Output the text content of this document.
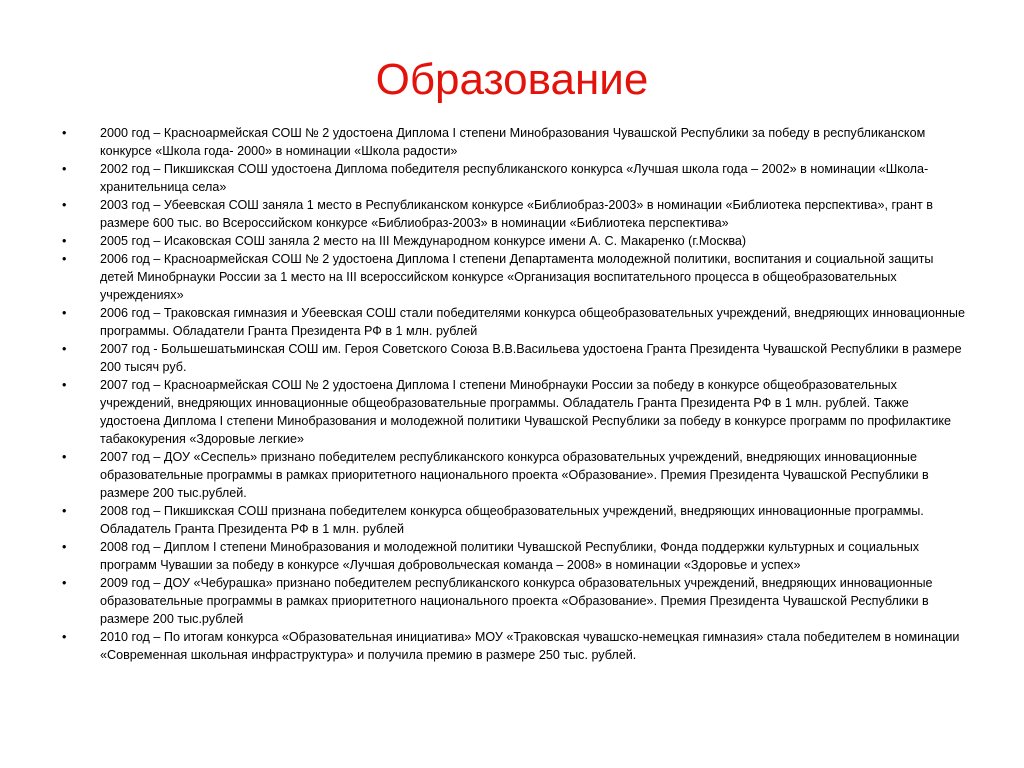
Образование
•	2000 год – Красноармейская СОШ № 2 удостоена Диплома I степени Минобразования Чувашской Республики за победу в республиканском конкурсе «Школа года- 2000» в номинации «Школа радости»
•	2002 год – Пикшикская СОШ удостоена Диплома победителя республиканского конкурса «Лучшая школа года – 2002» в номинации «Школа-хранительница села»
•	2003 год – Убеевская СОШ заняла 1 место в Республиканском конкурсе «Библиобраз-2003» в номинации «Библиотека перспектива», грант в размере 600 тыс. во Всероссийском конкурсе «Библиобраз-2003» в номинации «Библиотека перспектива»
•	2005 год – Исаковская СОШ заняла 2 место на III Международном конкурсе имени А. С. Макаренко (г.Москва)
•	2006 год – Красноармейская СОШ № 2 удостоена Диплома I степени Департамента молодежной политики, воспитания и социальной защиты детей Минобрнауки России за 1 место на III всероссийском конкурсе «Организация воспитательного процесса в общеобразовательных учреждениях»
•	2006 год – Траковская гимназия и Убеевская СОШ стали победителями конкурса общеобразовательных учреждений, внедряющих инновационные программы. Обладатели Гранта Президента РФ в 1 млн. рублей
•	2007 год - Большешатьминская СОШ им. Героя Советского Союза В.В.Васильева удостоена Гранта Президента Чувашской Республики в размере 200 тысяч руб.
•	2007 год – Красноармейская СОШ № 2 удостоена Диплома I степени Минобрнауки России за победу в конкурсе общеобразовательных учреждений, внедряющих инновационные общеобразовательные программы. Обладатель Гранта Президента РФ в 1 млн. рублей. Также удостоена Диплома I степени Минобразования и молодежной политики Чувашской Республики за победу в конкурсе программ по профилактике табакокурения «Здоровые легкие»
•	2007 год – ДОУ «Сеспель» признано победителем республиканского конкурса образовательных учреждений, внедряющих инновационные образовательные программы в рамках приоритетного национального проекта «Образование». Премия Президента Чувашской Республики в размере 200 тыс.рублей.
•	2008 год – Пикшикская СОШ признана победителем конкурса общеобразовательных учреждений, внедряющих инновационные программы. Обладатель Гранта Президента РФ в 1 млн. рублей
•	2008 год – Диплом I степени Минобразования и молодежной политики Чувашской Республики, Фонда поддержки культурных и социальных программ Чувашии за победу в конкурсе «Лучшая добровольческая команда – 2008» в номинации «Здоровье и успех»
•	2009 год – ДОУ «Чебурашка» признано победителем республиканского конкурса образовательных учреждений, внедряющих инновационные образовательные программы в рамках приоритетного национального проекта «Образование». Премия Президента Чувашской Республики в размере 200 тыс.рублей
•	2010 год – По итогам конкурса «Образовательная инициатива» МОУ «Траковская чувашско-немецкая гимназия» стала победителем в номинации «Современная школьная инфраструктура» и получила премию в размере 250 тыс. рублей.
